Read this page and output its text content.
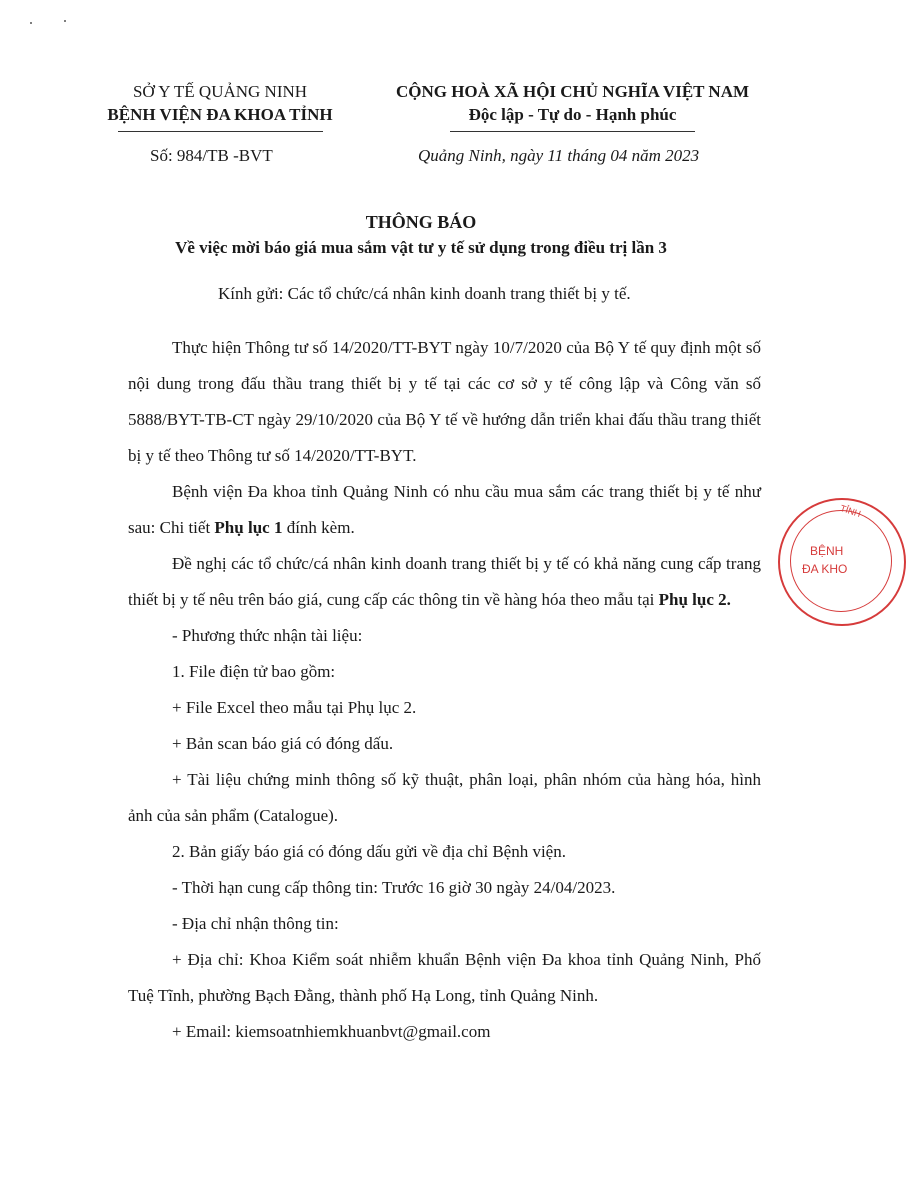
SỞ Y TẾ QUẢNG NINH
BỆNH VIỆN ĐA KHOA TỈNH
CỘNG HOÀ XÃ HỘI CHỦ NGHĨA VIỆT NAM
Độc lập - Tự do - Hạnh phúc
Số: 984/TB -BVT	Quảng Ninh, ngày 11 tháng 04 năm 2023
THÔNG BÁO
Về việc mời báo giá mua sắm vật tư y tế sử dụng trong điều trị lần 3
Kính gửi: Các tổ chức/cá nhân kinh doanh trang thiết bị y tế.

Thực hiện Thông tư số 14/2020/TT-BYT ngày 10/7/2020 của Bộ Y tế quy định một số nội dung trong đấu thầu trang thiết bị y tế tại các cơ sở y tế công lập và Công văn số 5888/BYT-TB-CT ngày 29/10/2020 của Bộ Y tế về hướng dẫn triển khai đấu thầu trang thiết bị y tế theo Thông tư số 14/2020/TT-BYT.

Bệnh viện Đa khoa tỉnh Quảng Ninh có nhu cầu mua sắm các trang thiết bị y tế như sau: Chi tiết Phụ lục 1 đính kèm.

Đề nghị các tổ chức/cá nhân kinh doanh trang thiết bị y tế có khả năng cung cấp trang thiết bị y tế nêu trên báo giá, cung cấp các thông tin về hàng hóa theo mẫu tại Phụ lục 2.

- Phương thức nhận tài liệu:

1. File điện tử bao gồm:

+ File Excel theo mẫu tại Phụ lục 2.

+ Bản scan báo giá có đóng dấu.

+ Tài liệu chứng minh thông số kỹ thuật, phân loại, phân nhóm của hàng hóa, hình ảnh của sản phẩm (Catalogue).

2. Bản giấy báo giá có đóng dấu gửi về địa chỉ Bệnh viện.

- Thời hạn cung cấp thông tin: Trước 16 giờ 30 ngày 24/04/2023.

- Địa chỉ nhận thông tin:

+ Địa chỉ: Khoa Kiểm soát nhiễm khuẩn Bệnh viện Đa khoa tỉnh Quảng Ninh, Phố Tuệ Tĩnh, phường Bạch Đằng, thành phố Hạ Long, tỉnh Quảng Ninh.

+ Email: kiemsoatnhiemkhuanbvt@gmail.com

TỈNH
BỆNH
ĐA KHO
